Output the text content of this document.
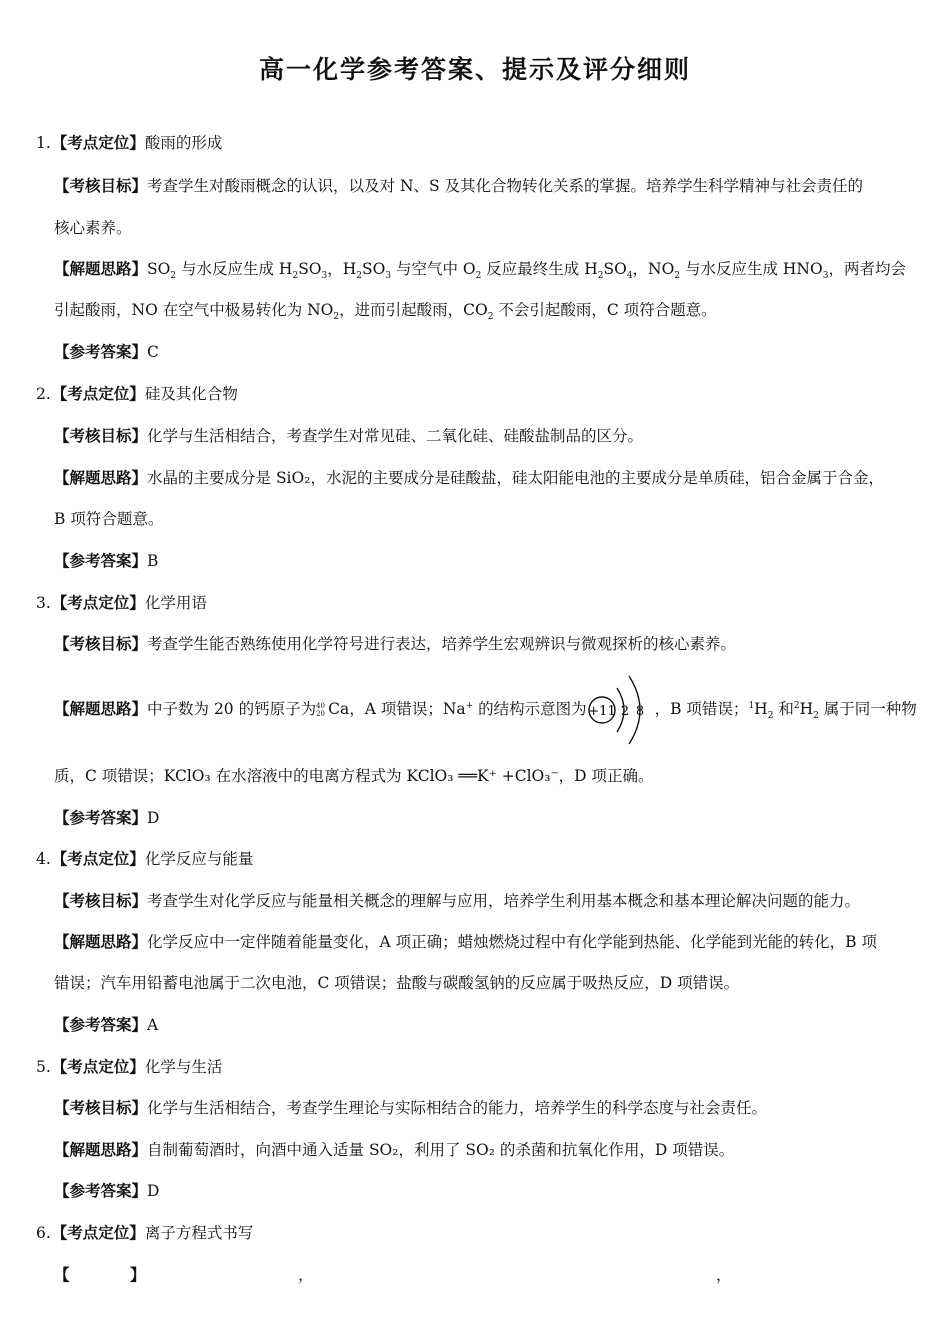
高一化学参考答案、提示及评分细则
1.【考点定位】酸雨的形成
【考核目标】考查学生对酸雨概念的认识，以及对 N、S 及其化合物转化关系的掌握。培养学生科学精神与社会责任的
核心素养。
【解题思路】$SO_2$ 与水反应生成 $H_2SO_3$，$H_2SO_3$ 与空气中 $O_2$ 反应最终生成 $H_2SO_4$，$NO_2$ 与水反应生成 $HNO_3$，两者均会
引起酸雨，NO 在空气中极易转化为 $NO_2$，进而引起酸雨，$CO_2$ 不会引起酸雨，C 项符合题意。
【参考答案】C
2.【考点定位】硅及其化合物
【考核目标】化学与生活相结合，考查学生对常见硅、二氧化硅、硅酸盐制品的区分。
【解题思路】水晶的主要成分是 SiO₂，水泥的主要成分是硅酸盐，硅太阳能电池的主要成分是单质硅，铝合金属于合金，
B 项符合题意。
【参考答案】B
3.【考点定位】化学用语
【考核目标】考查学生能否熟练使用化学符号进行表达，培养学生宏观辨识与微观探析的核心素养。
【解题思路】中子数为 20 的钙原子为 40
20 Ca，A 项错误；Na+ 的结构示意图为 +11 2 8 ，B 项错误；$^1H_2$ 和$^2H_2$ 属于同一种物
质，C 项错误；KClO₃ 在水溶液中的电离方程式为 KClO₃ ══K⁺ +ClO₃⁻，D 项正确。
【参考答案】D
4.【考点定位】化学反应与能量
【考核目标】考查学生对化学反应与能量相关概念的理解与应用，培养学生利用基本概念和基本理论解决问题的能力。
【解题思路】化学反应中一定伴随着能量变化，A 项正确；蜡烛燃烧过程中有化学能到热能、化学能到光能的转化，B 项
错误；汽车用铅蓄电池属于二次电池，C 项错误；盐酸与碳酸氢钠的反应属于吸热反应，D 项错误。
【参考答案】A
5.【考点定位】化学与生活
【考核目标】化学与生活相结合，考查学生理论与实际相结合的能力，培养学生的科学态度与社会责任。
【解题思路】自制葡萄酒时，向酒中通入适量 SO₂，利用了 SO₂ 的杀菌和抗氧化作用，D 项错误。
【参考答案】D
6.【考点定位】离子方程式书写
【	】	，	，
